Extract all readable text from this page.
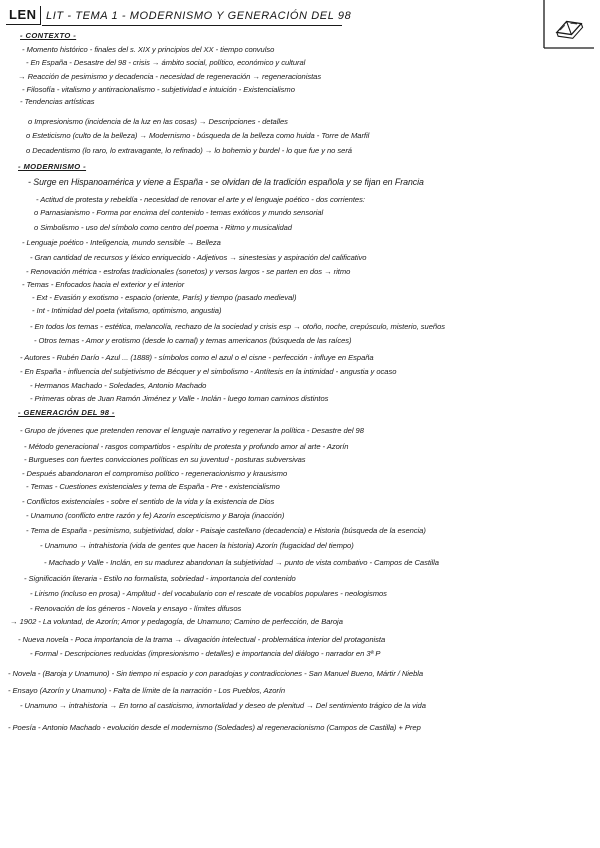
LEN LIT - TEMA 1 - MODERNISMO Y GENERACIÓN DEL 98
- CONTEXTO -
- Momento histórico - finales del s. XIX y principios del XX - tiempo convulso
- En España - Desastre del 98 - crisis → ámbito social, político, económico y cultural
→ Reacción de pesimismo y decadencia - necesidad de regeneración → regeneracionistas
- Filosofía - vitalismo y antirracionalismo - subjetividad e intuición - Existencialismo
- Tendencias artísticas
o Impresionismo (incidencia de la luz en las cosas) → Descripciones - detalles
o Esteticismo (culto de la belleza) → Modernismo - búsqueda de la belleza como huida - Torre de Marfil
o Decadentismo (lo raro, lo extravagante, lo refinado) → lo bohemio y burdel - lo que fue y no será
- MODERNISMO -
- Surge en Hispanoamérica y viene a España - se olvidan de la tradición española y se fijan en Francia
- Actitud de protesta y rebeldía - necesidad de renovar el arte y el lenguaje poético - dos corrientes:
o Parnasianismo - Forma por encima del contenido - temas exóticos y mundo sensorial
o Simbolismo - uso del símbolo como centro del poema - Ritmo y musicalidad
- Lenguaje poético - Inteligencia, mundo sensible → Belleza
- Gran cantidad de recursos y léxico enriquecido - Adjetivos → sinestesias y aspiración del calificativo
- Renovación métrica - estrofas tradicionales (sonetos) y versos largos - se parten en dos → ritmo
- Temas - Enfocados hacia el exterior y el interior
- Ext - Evasión y exotismo - espacio (oriente, París) y tiempo (pasado medieval)
- Int - Intimidad del poeta (vitalismo, optimismo, angustia)
- En todos los temas - estética, melancolía, rechazo de la sociedad y crisis esp → otoño, noche, crepúsculo, misterio, sueños
- Otros temas - Amor y erotismo (desde lo carnal) y temas americanos (búsqueda de las raíces)
- Autores - Rubén Darío - Azul ... (1888) - símbolos como el azul o el cisne - perfección - influye en España
- En España - influencia del subjetivismo de Bécquer y el simbolismo - Antítesis en la intimidad - angustia y ocaso
- Hermanos Machado - Soledades, Antonio Machado
- Primeras obras de Juan Ramón Jiménez y Valle - Inclán - luego toman caminos distintos
- GENERACIÓN DEL 98 -
- Grupo de jóvenes que pretenden renovar el lenguaje narrativo y regenerar la política - Desastre del 98
- Método generacional - rasgos compartidos - espíritu de protesta y profundo amor al arte - Azorín
- Burgueses con fuertes convicciones políticas en su juventud - posturas subversivas
- Después abandonaron el compromiso político - regeneracionismo y krausismo
- Temas - Cuestiones existenciales y tema de España - Pre - existencialismo
- Conflictos existenciales - sobre el sentido de la vida y la existencia de Dios
- Unamuno (conflicto entre razón y fe) Azorín escepticismo y Baroja (inacción)
- Tema de España - pesimismo, subjetividad, dolor - Paisaje castellano (decadencia) e Historia (búsqueda de la esencia)
- Unamuno → intrahistoria (vida de gentes que hacen la historia) Azorín (fugacidad del tiempo)
- Machado y Valle - Inclán, en su madurez abandonan la subjetividad → punto de vista combativo - Campos de Castilla
- Significación literaria - Estilo no formalista, sobriedad - importancia del contenido
- Lirismo (incluso en prosa) - Amplitud - del vocabulario con el rescate de vocablos populares - neologismos
- Renovación de los géneros - Novela y ensayo - límites difusos
→ 1902 - La voluntad, de Azorín; Amor y pedagogía, de Unamuno; Camino de perfección, de Baroja
- Nueva novela - Poca importancia de la trama → divagación intelectual - problemática interior del protagonista
- Formal - Descripciones reducidas (impresionismo - detalles) e importancia del diálogo - narrador en 3ª P
- Novela - (Baroja y Unamuno) - Sin tiempo ni espacio y con paradojas y contradicciones - San Manuel Bueno, Mártir / Niebla
- Ensayo (Azorín y Unamuno) - Falta de límite de la narración - Los Pueblos, Azorín
- Unamuno → intrahistoria → En torno al casticismo, inmortalidad y deseo de plenitud → Del sentimiento trágico de la vida
- Poesía - Antonio Machado - evolución desde el modernismo (Soledades) al regeneracionismo (Campos de Castilla) + Prep
